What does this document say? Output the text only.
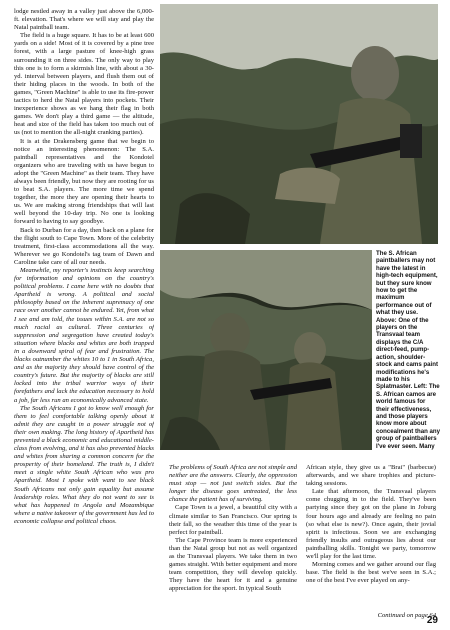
lodge nestled away in a valley just above the 6,000-ft. elevation. That's where we will stay and play the Natal paintball team.

The field is a huge square. It has to be at least 600 yards on a side! Most of it is covered by a pine tree forest, with a large pasture of knee-high grass surrounding it on three sides. The only way to play this one is to form a skirmish line, with about a 30-yd. interval between players, and flush them out of their hiding places in the woods. In both of the games, "Green Machine" is able to use its fire-power tactics to herd the Natal players into pockets. Their inexperience shows as we hang their flag in both games. We don't play a third game — the altitude, heat and size of the field has taken too much out of us (not to mention the all-night cranking parties).

It is at the Drakensberg game that we begin to notice an interesting phenomenon: The S.A. paintball representatives and the Kondotel organizers who are traveling with us have begun to adopt the "Green Machine" as their team. They have always been friendly, but now they are rooting for us to beat S.A. players. The more time we spend together, the more they are opening their hearts to us. We are making strong friendships that will last well beyond the 10-day trip. No one is looking forward to having to say goodbye.

Back to Durban for a day, then back on a plane for the flight south to Cape Town. More of the celebrity treatment, first-class accommodations all the way. Wherever we go Kondotel's tag team of Dawn and Caroline take care of all our needs.

Meanwhile, my reporter's instincts keep searching for information and opinions on the country's political problems. I came here with no doubts that Apartheid is wrong. A political and social philosophy based on the inherent supremacy of one race over another cannot be endured. Yet, from what I see and am told, the issues within S.A. are not so much racial as cultural. Three centuries of suppression and segregation have created today's situation where blacks and whites are both trapped in a downward spiral of fear and frustration. The blacks outnumber the whites 10 to 1 in South Africa, and as the majority they should have control of the country's future. But the majority of blacks are still locked into the tribal warrior ways of their forefathers and lack the education necessary to hold a job, far less run an economically advanced state.

The South Africans I got to know well enough for them to feel comfortable talking openly about it admit they are caught in a power struggle not of their own making. The long history of Apartheid has prevented a black economic and educational middle-class from evolving, and it has also prevented blacks and whites from sharing a common concern for the prosperity of their homeland. The truth is, I didn't meet a single white South African who was pro Apartheid. Most I spoke with want to see black South Africans not only gain equality but assume leadership roles. What they do not want to see is what has happened in Angola and Mozambique where a native takeover of the government has led to economic collapse and political chaos.

The S. African paintballers may not have the latest in high-tech equipment, but they sure know how to get the maximum performance out of what they use. Above: One of the players on the Transvaal team displays the C/A direct-feed, pump-action, shoulder-stock and cams paint modifications he's made to his Splatmaster. Left: The S. African camos are world famous for their effectiveness, and those players know more about concealment than any group of paintballers I've ever seen. Many

The problems of South Africa are not simple and neither are the answers. Clearly, the oppression must stop — not just switch sides. But the longer the disease goes untreated, the less chance the patient has of surviving.

Cape Town is a jewel, a beautiful city with a climate similar to San Francisco. Our spring is their fall, so the weather this time of the year is perfect for paintball.

The Cape Province team is more experienced than the Natal group but not as well organized as the Transvaal players. We take them in two games straight. With better equipment and more team competition, they will develop quickly. They have the heart for it and a genuine appreciation for the sport. In typical South

African style, they give us a "Brai" (barbecue) afterwards, and we share trophies and picture-taking sessions.

Late that afternoon, the Transvaal players come chugging in to the field. They've been partying since they got on the plane in Joburg four hours ago and already are feeling no pain (so what else is new?). Once again, their jovial spirit is infectious. Soon we are exchanging friendly insults and outrageous lies about our paintballing skills. Tonight we party, tomorrow we'll play for the last time.

Morning comes and we gather around our flag base. The field is the best we've seen in S.A.; one of the best I've ever played on any-

Continued on page 64
29
